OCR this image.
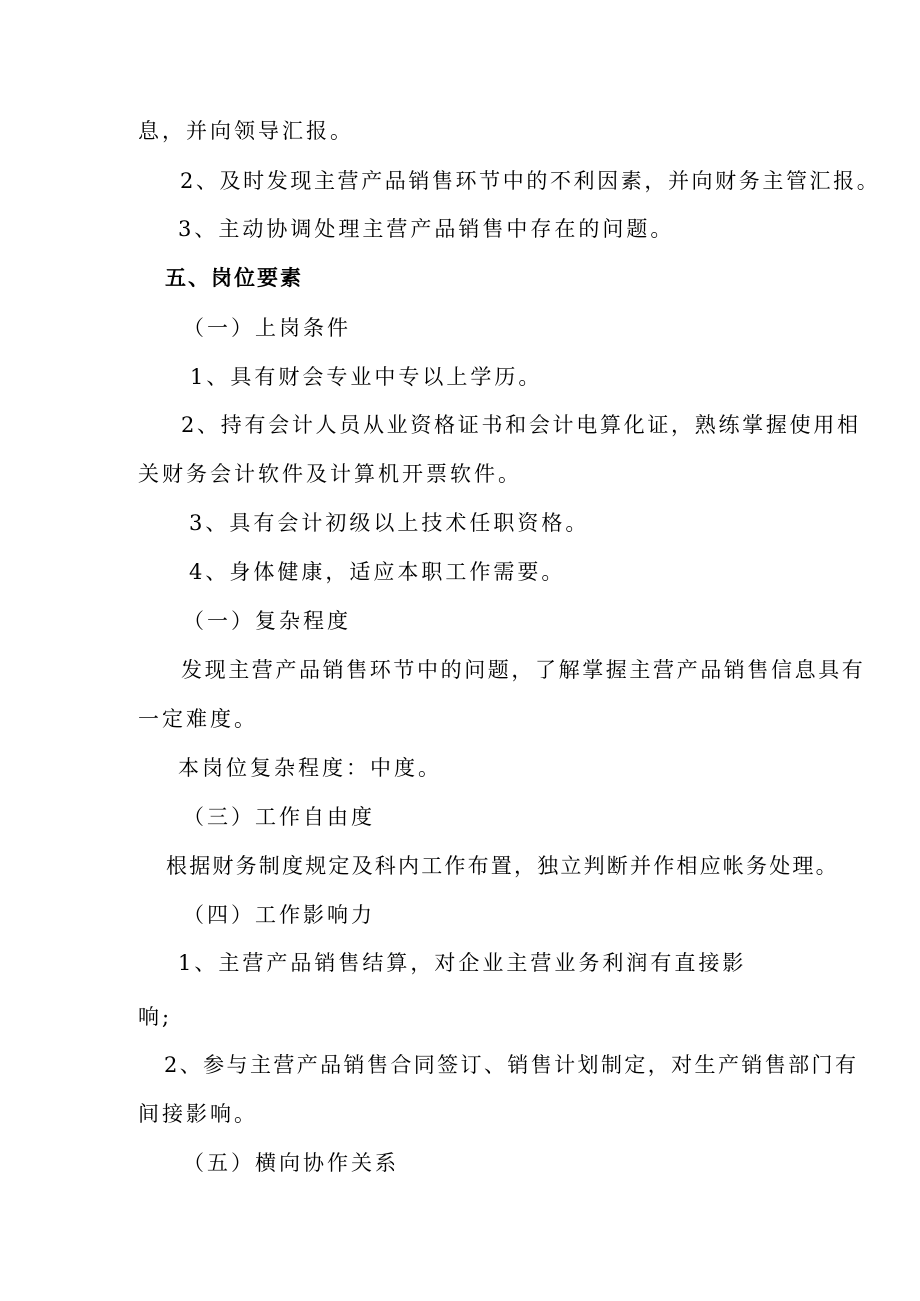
息，并向领导汇报。
2、及时发现主营产品销售环节中的不利因素，并向财务主管汇报。
3、主动协调处理主营产品销售中存在的问题。
五、岗位要素
（一）上岗条件
1、具有财会专业中专以上学历。
2、持有会计人员从业资格证书和会计电算化证，熟练掌握使用相
关财务会计软件及计算机开票软件。
3、具有会计初级以上技术任职资格。
4、身体健康，适应本职工作需要。
（一）复杂程度
发现主营产品销售环节中的问题，了解掌握主营产品销售信息具有
一定难度。
本岗位复杂程度：中度。
（三）工作自由度
根据财务制度规定及科内工作布置，独立判断并作相应帐务处理。
（四）工作影响力
1、主营产品销售结算，对企业主营业务利润有直接影
响;
2、参与主营产品销售合同签订、销售计划制定，对生产销售部门有
间接影响。
（五）横向协作关系
